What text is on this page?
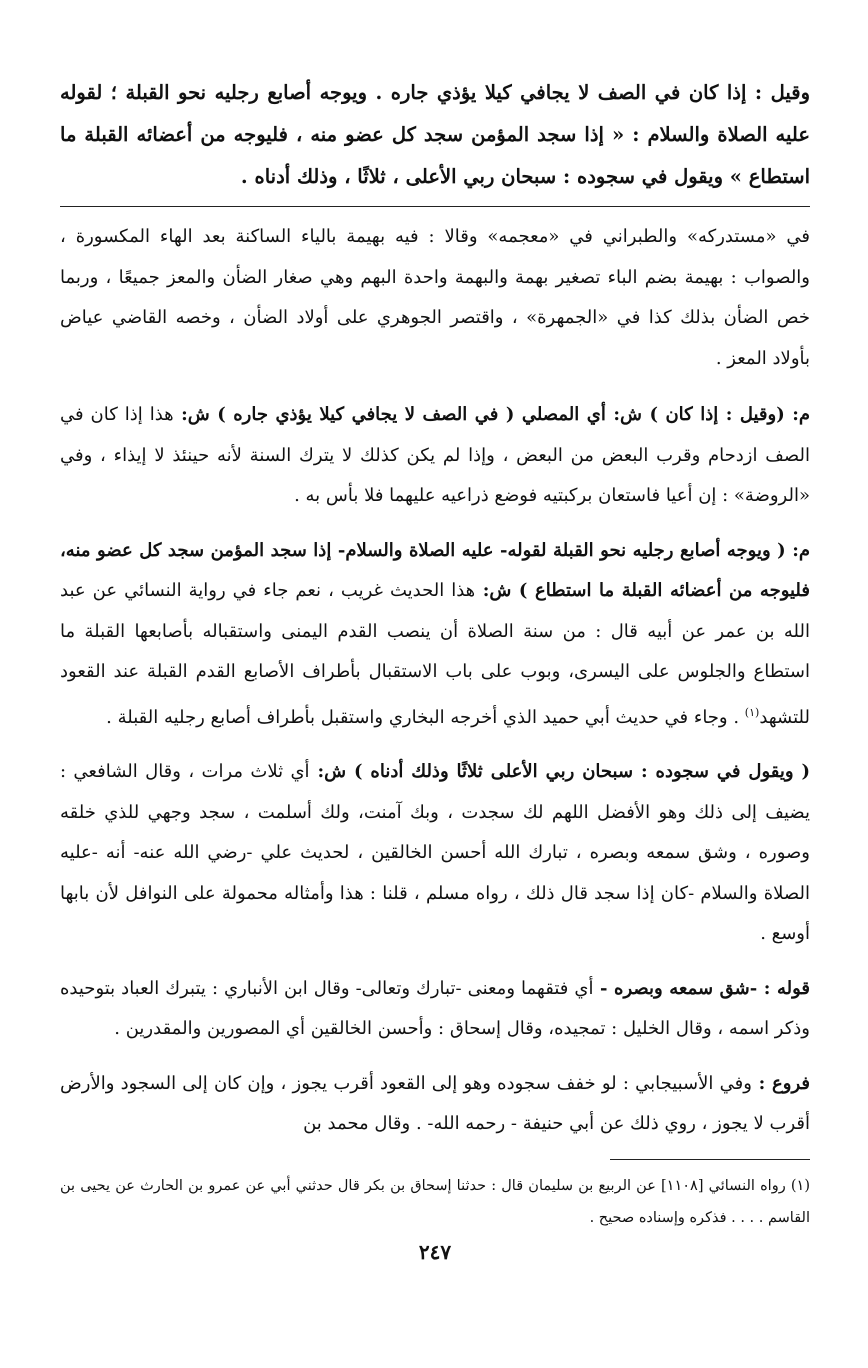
وقيل : إذا كان في الصف لا يجافي كيلا يؤذي جاره . ويوجه أصابع رجليه نحو القبلة ؛ لقوله عليه الصلاة والسلام : « إذا سجد المؤمن سجد كل عضو منه ، فليوجه من أعضائه القبلة ما استطاع » ويقول في سجوده : سبحان ربي الأعلى ، ثلاثًا ، وذلك أدناه .

في «مستدركه» والطبراني في «معجمه» وقالا : فيه بهيمة بالياء الساكنة بعد الهاء المكسورة ، والصواب : بهيمة بضم الباء تصغير بهمة والبهمة واحدة البهم وهي صغار الضأن والمعز جميعًا ، وربما خص الضأن بذلك كذا في «الجمهرة» ، واقتصر الجوهري على أولاد الضأن ، وخصه القاضي عياض بأولاد المعز .
م: (وقيل : إذا كان ) ش: أي المصلي ( في الصف لا يجافي كيلا يؤذي جاره ) ش: هذا إذا كان في الصف ازدحام وقرب البعض من البعض ، وإذا لم يكن كذلك لا يترك السنة لأنه حينئذ لا إيذاء ، وفي «الروضة» : إن أعيا فاستعان بركبتيه فوضع ذراعيه عليهما فلا بأس به .
م: ( ويوجه أصابع رجليه نحو القبلة لقوله- عليه الصلاة والسلام- إذا سجد المؤمن سجد كل عضو منه، فليوجه من أعضائه القبلة ما استطاع ) ش: هذا الحديث غريب ، نعم جاء في رواية النسائي عن عبد الله بن عمر عن أبيه قال : من سنة الصلاة أن ينصب القدم اليمنى واستقباله بأصابعها القبلة ما استطاع والجلوس على اليسرى، وبوب على باب الاستقبال بأطراف الأصابع القدم القبلة عند القعود للتشهد$^{(١)}$ . وجاء في حديث أبي حميد الذي أخرجه البخاري واستقبل بأطراف أصابع رجليه القبلة .
( ويقول في سجوده : سبحان ربي الأعلى ثلاثًا وذلك أدناه ) ش: أي ثلاث مرات ، وقال الشافعي : يضيف إلى ذلك وهو الأفضل اللهم لك سجدت ، وبك آمنت، ولك أسلمت ، سجد وجهي للذي خلقه وصوره ، وشق سمعه وبصره ، تبارك الله أحسن الخالقين ، لحديث علي -رضي الله عنه- أنه -عليه الصلاة والسلام -كان إذا سجد قال ذلك ، رواه مسلم ، قلنا : هذا وأمثاله محمولة على النوافل لأن بابها أوسع .
قوله : -شق سمعه وبصره - أي فتقهما ومعنى -تبارك وتعالى- وقال ابن الأنباري : يتبرك العباد بتوحيده وذكر اسمه ، وقال الخليل : تمجيده، وقال إسحاق : وأحسن الخالقين أي المصورين والمقدرين .
فروع : وفي الأسبيجابي : لو خفف سجوده وهو إلى القعود أقرب يجوز ، وإن كان إلى السجود والأرض أقرب لا يجوز ، روي ذلك عن أبي حنيفة - رحمه الله- . وقال محمد بن

(١) رواه النسائي [١١٠٨] عن الربيع بن سليمان قال : حدثنا إسحاق بن بكر قال حدثني أبي عن عمرو بن الحارث عن يحيى بن القاسم . . . . فذكره وإسناده صحيح .

٢٤٧
